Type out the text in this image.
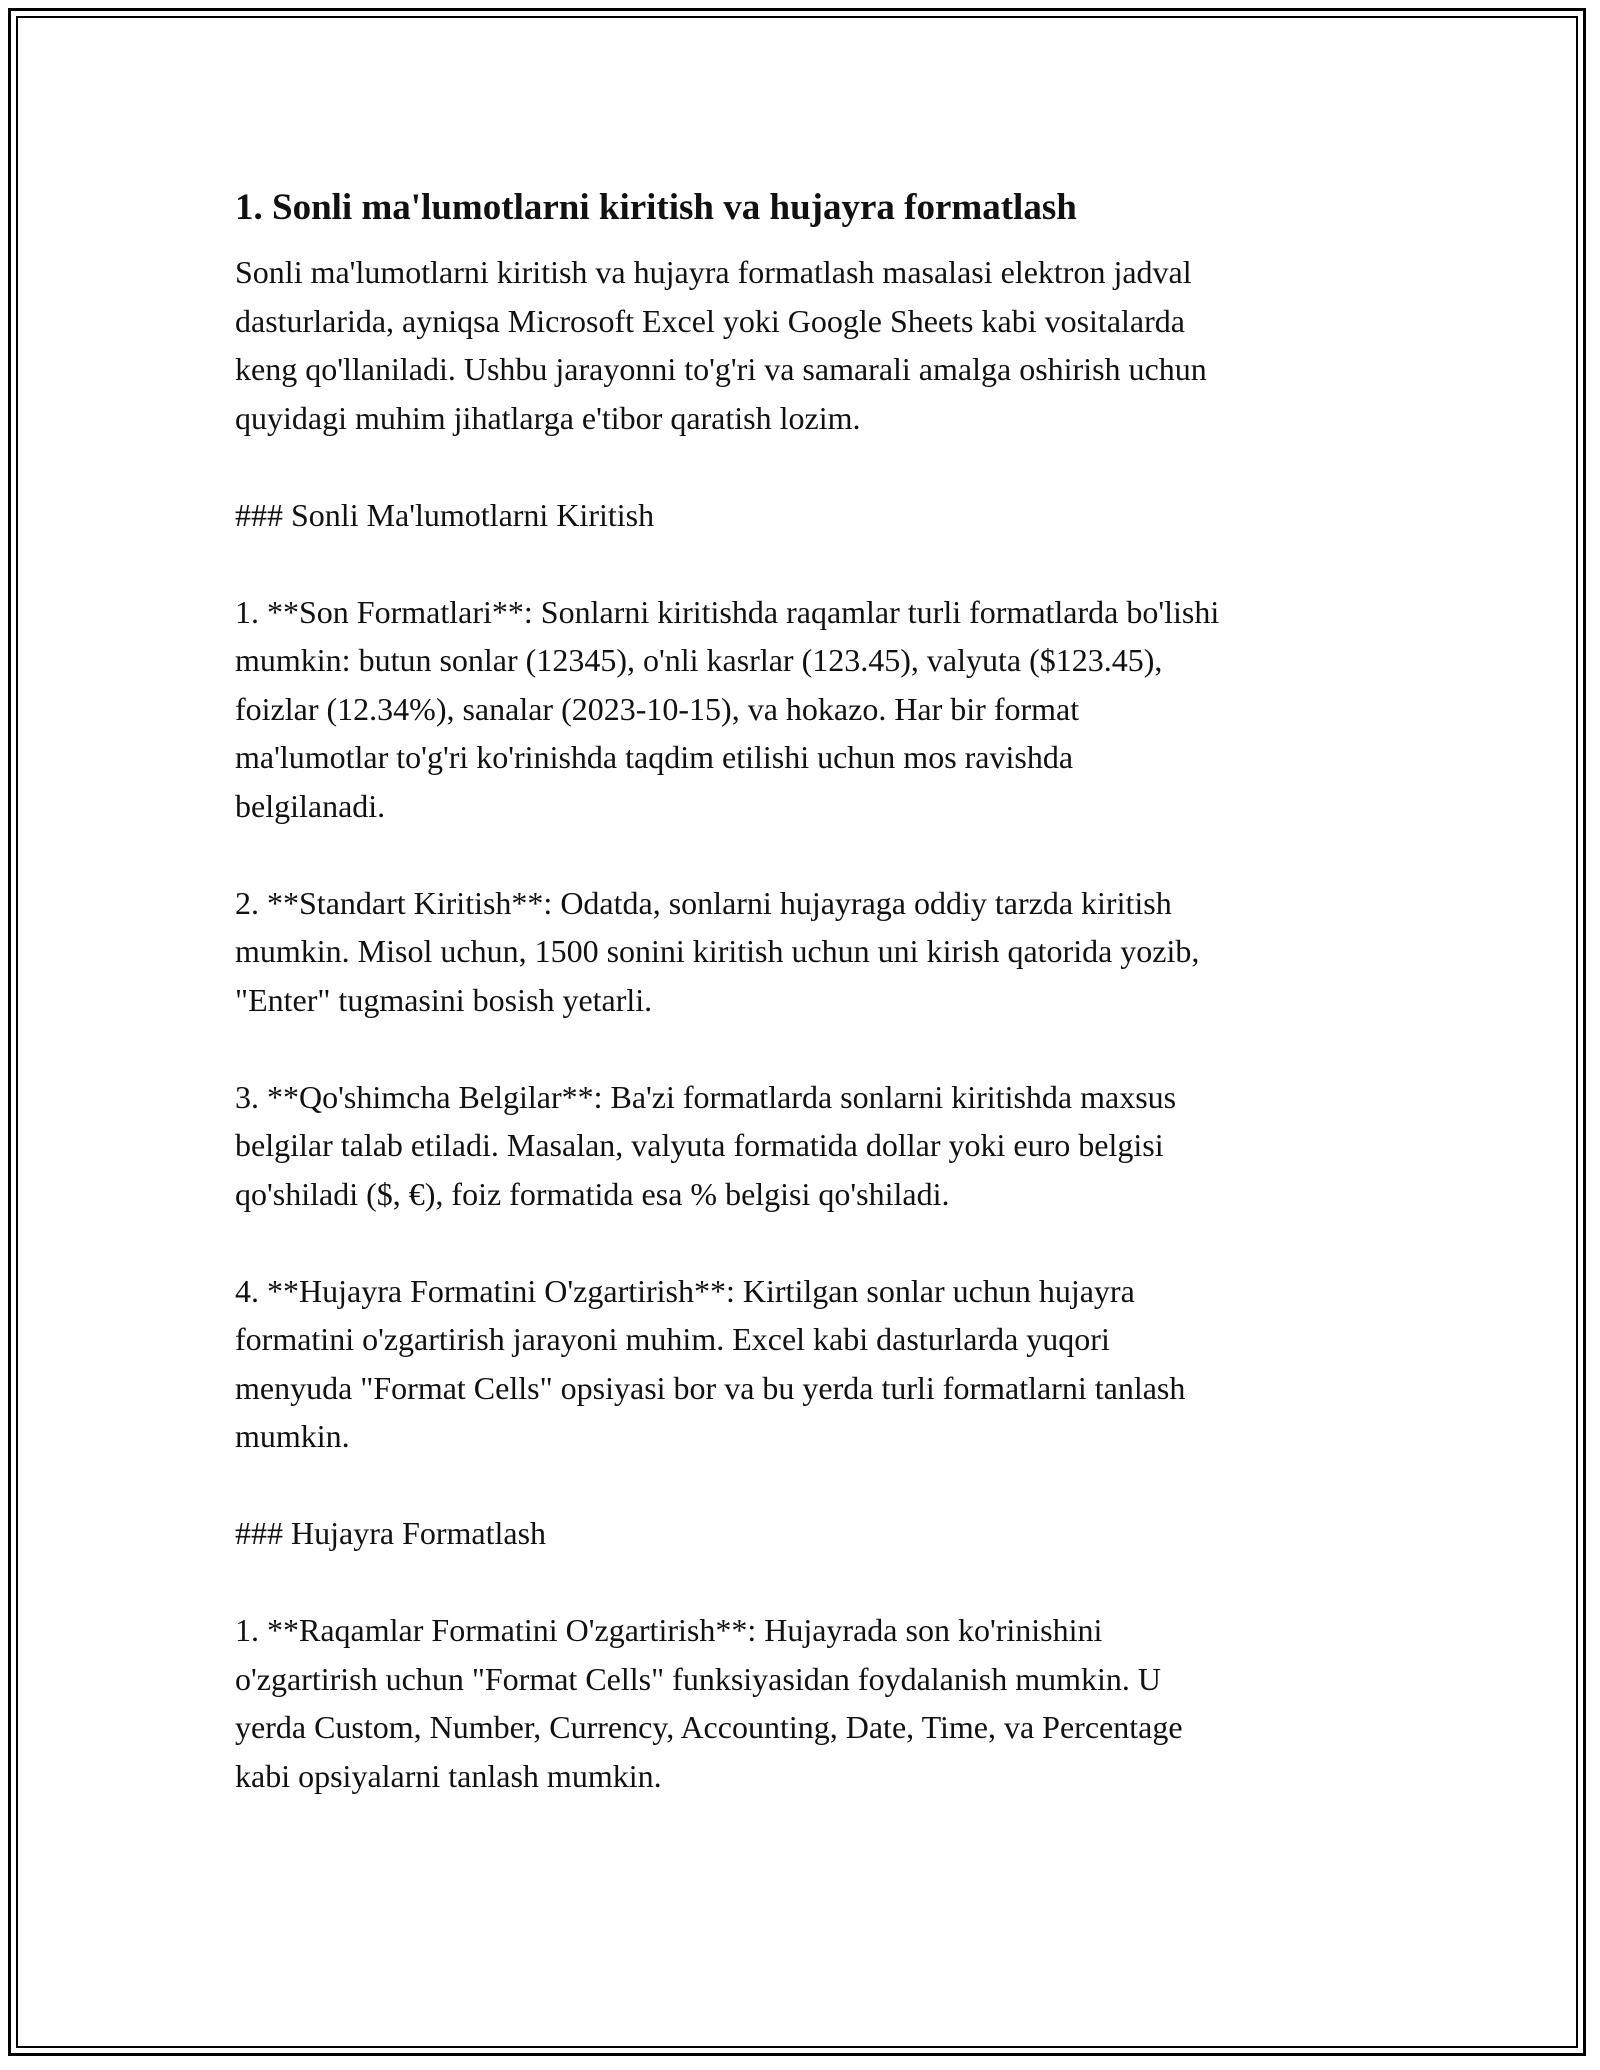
1. Sonli ma'lumotlarni kiritish va hujayra formatlash
Sonli ma'lumotlarni kiritish va hujayra formatlash masalasi elektron jadval
dasturlarida, ayniqsa Microsoft Excel yoki Google Sheets kabi vositalarda
keng qo'llaniladi. Ushbu jarayonni to'g'ri va samarali amalga oshirish uchun
quyidagi muhim jihatlarga e'tibor qaratish lozim.
### Sonli Ma'lumotlarni Kiritish
1. **Son Formatlari**: Sonlarni kiritishda raqamlar turli formatlarda bo'lishi
mumkin: butun sonlar (12345), o'nli kasrlar (123.45), valyuta ($123.45),
foizlar (12.34%), sanalar (2023-10-15), va hokazo. Har bir format
ma'lumotlar to'g'ri ko'rinishda taqdim etilishi uchun mos ravishda
belgilanadi.
2. **Standart Kiritish**: Odatda, sonlarni hujayraga oddiy tarzda kiritish
mumkin. Misol uchun, 1500 sonini kiritish uchun uni kirish qatorida yozib,
"Enter" tugmasini bosish yetarli.
3. **Qo'shimcha Belgilar**: Ba'zi formatlarda sonlarni kiritishda maxsus
belgilar talab etiladi. Masalan, valyuta formatida dollar yoki euro belgisi
qo'shiladi ($, €), foiz formatida esa % belgisi qo'shiladi.
4. **Hujayra Formatini O'zgartirish**: Kirtilgan sonlar uchun hujayra
formatini o'zgartirish jarayoni muhim. Excel kabi dasturlarda yuqori
menyuda "Format Cells" opsiyasi bor va bu yerda turli formatlarni tanlash
mumkin.
### Hujayra Formatlash
1. **Raqamlar Formatini O'zgartirish**: Hujayrada son ko'rinishini
o'zgartirish uchun "Format Cells" funksiyasidan foydalanish mumkin. U
yerda Custom, Number, Currency, Accounting, Date, Time, va Percentage
kabi opsiyalarni tanlash mumkin.
